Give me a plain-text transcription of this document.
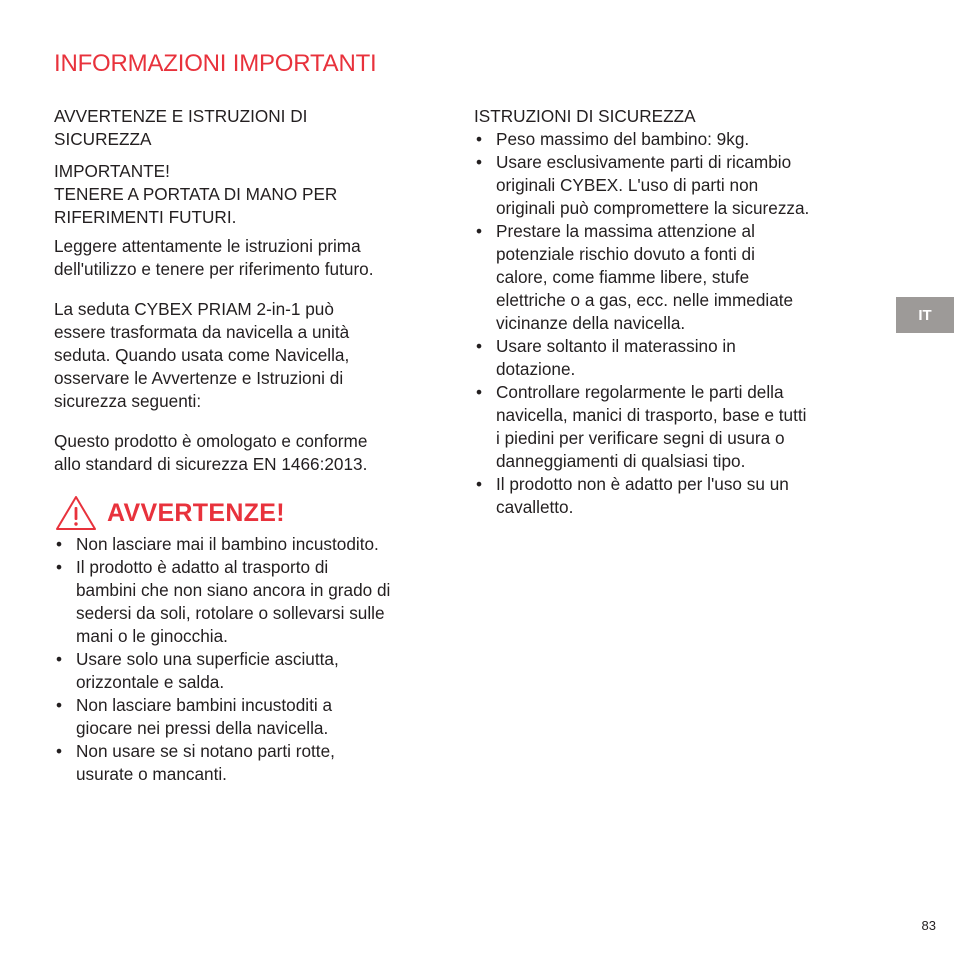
INFORMAZIONI IMPORTANTI

AVVERTENZE E ISTRUZIONI DI
SICUREZZA

IMPORTANTE!
TENERE A PORTATA DI MANO PER
RIFERIMENTI FUTURI.

Leggere attentamente le istruzioni prima
dell'utilizzo e tenere per riferimento futuro.

La seduta CYBEX PRIAM 2-in-1 può
essere trasformata da navicella a unità
seduta. Quando usata come Navicella,
osservare le Avvertenze e Istruzioni di
sicurezza seguenti:

Questo prodotto è omologato e conforme
allo standard di sicurezza EN 1466:2013.

AVVERTENZE!
• Non lasciare mai il bambino incustodito.
• Il prodotto è adatto al trasporto di
bambini che non siano ancora in grado di
sedersi da soli, rotolare o sollevarsi sulle
mani o le ginocchia.
• Usare solo una superficie asciutta,
orizzontale e salda.
• Non lasciare bambini incustoditi a
giocare nei pressi della navicella.
• Non usare se si notano parti rotte,
usurate o mancanti.

ISTRUZIONI DI SICUREZZA

• Peso massimo del bambino: 9kg.
• Usare esclusivamente parti di ricambio
originali CYBEX. L'uso di parti non
originali può compromettere la sicurezza.
• Prestare la massima attenzione al
potenziale rischio dovuto a fonti di
calore, come fiamme libere, stufe
elettriche o a gas, ecc. nelle immediate
vicinanze della navicella.
• Usare soltanto il materassino in
dotazione.
• Controllare regolarmente le parti della
navicella, manici di trasporto, base e tutti
i piedini per verificare segni di usura o
danneggiamenti di qualsiasi tipo.
• Il prodotto non è adatto per l'uso su un
cavalletto.
IT
83
